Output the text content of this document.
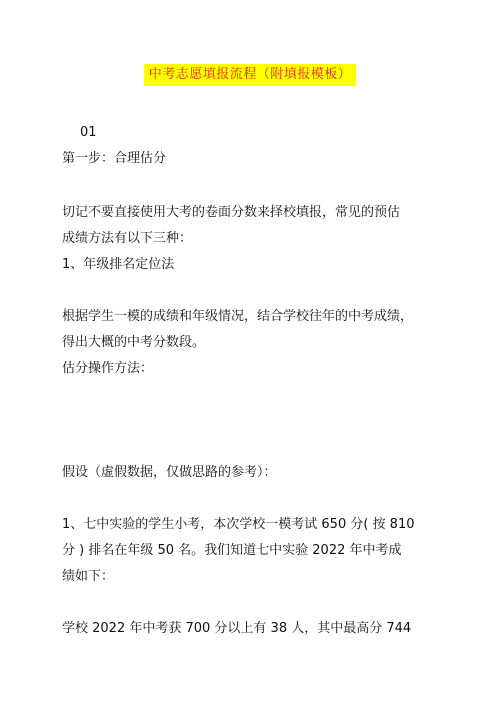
中考志愿填报流程（附填报模板）
01
第一步：合理估分
切记不要直接使用大考的卷面分数来择校填报，常见的预估
成绩方法有以下三种：
1、年级排名定位法
根据学生一模的成绩和年级情况，结合学校往年的中考成绩，
得出大概的中考分数段。
估分操作方法：
假设（虚假数据，仅做思路的参考）：
1、七中实验的学生小考，本次学校一模考试 650 分( 按 810
分 ) 排名在年级 50 名。我们知道七中实验 2022 年中考成
绩如下：
学校 2022 年中考获 700 分以上有 38 人，其中最高分 744
